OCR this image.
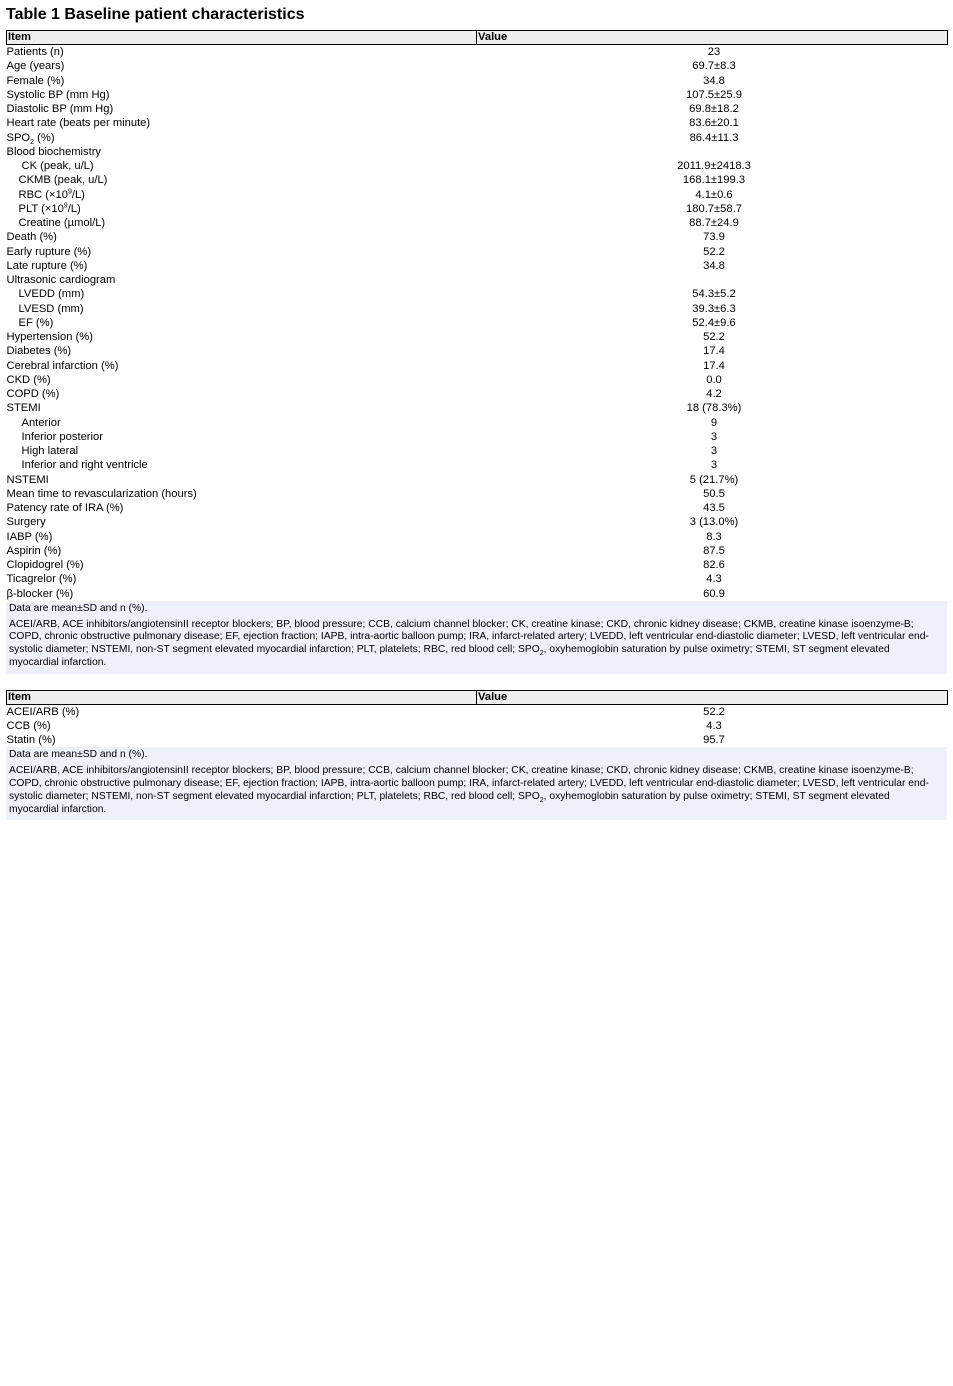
Table 1 Baseline patient characteristics
Item	Value
Patients (n)	23
Age (years)	69.7±8.3
Female (%)	34.8
Systolic BP (mm Hg)	107.5±25.9
Diastolic BP (mm Hg)	69.8±18.2
Heart rate (beats per minute)	83.6±20.1
$SPO_2$ (%)	86.4±11.3
Blood biochemistry	
CK (peak, u/L)	2011.9±2418.3
CKMB (peak, u/L)	168.1±199.3
RBC $(\times 10^9/L)$	4.1±0.6
PLT $(\times 10^9/L)$	180.7±58.7
Creatine (µmol/L)	88.7±24.9
Death (%)	73.9
Early rupture (%)	52.2
Late rupture (%)	34.8
Ultrasonic cardiogram	
LVEDD (mm)	54.3±5.2
LVESD (mm)	39.3±6.3
EF (%)	52.4±9.6
Hypertension (%)	52.2
Diabetes (%)	17.4
Cerebral infarction (%)	17.4
CKD (%)	0.0
COPD (%)	4.2
STEMI	18 (78.3%)
Anterior	9
Inferior posterior	3
High lateral	3
Inferior and right ventricle	3
NSTEMI	5 (21.7%)
Mean time to revascularization (hours)	50.5
Patency rate of IRA (%)	43.5
Surgery	3 (13.0%)
IABP (%)	8.3
Aspirin (%)	87.5
Clopidogrel (%)	82.6
Ticagrelor (%)	4.3
β-blocker (%)	60.9
Data are mean±SD and n (%).
ACEI/ARB, ACE inhibitors/angiotensinII receptor blockers; BP, blood pressure; CCB, calcium channel blocker; CK, creatine kinase; CKD, chronic kidney disease; CKMB, creatine kinase isoenzyme-B; COPD, chronic obstructive pulmonary disease; EF, ejection fraction; IAPB, intra-aortic balloon pump; IRA, infarct-related artery; LVEDD, left ventricular end-diastolic diameter; LVESD, left ventricular end-systolic diameter; NSTEMI, non-ST segment elevated myocardial infarction; PLT, platelets; RBC, red blood cell; $SPO_2$, oxyhemoglobin saturation by pulse oximetry; STEMI, ST segment elevated myocardial infarction.
Item	Value
ACEI/ARB (%)	52.2
CCB (%)	4.3
Statin (%)	95.7
Data are mean±SD and n (%).
ACEI/ARB, ACE inhibitors/angiotensinII receptor blockers; BP, blood pressure; CCB, calcium channel blocker; CK, creatine kinase; CKD, chronic kidney disease; CKMB, creatine kinase isoenzyme-B; COPD, chronic obstructive pulmonary disease; EF, ejection fraction; IAPB, intra-aortic balloon pump; IRA, infarct-related artery; LVEDD, left ventricular end-diastolic diameter; LVESD, left ventricular end-systolic diameter; NSTEMI, non-ST segment elevated myocardial infarction; PLT, platelets; RBC, red blood cell; $SPO_2$, oxyhemoglobin saturation by pulse oximetry; STEMI, ST segment elevated myocardial infarction.
